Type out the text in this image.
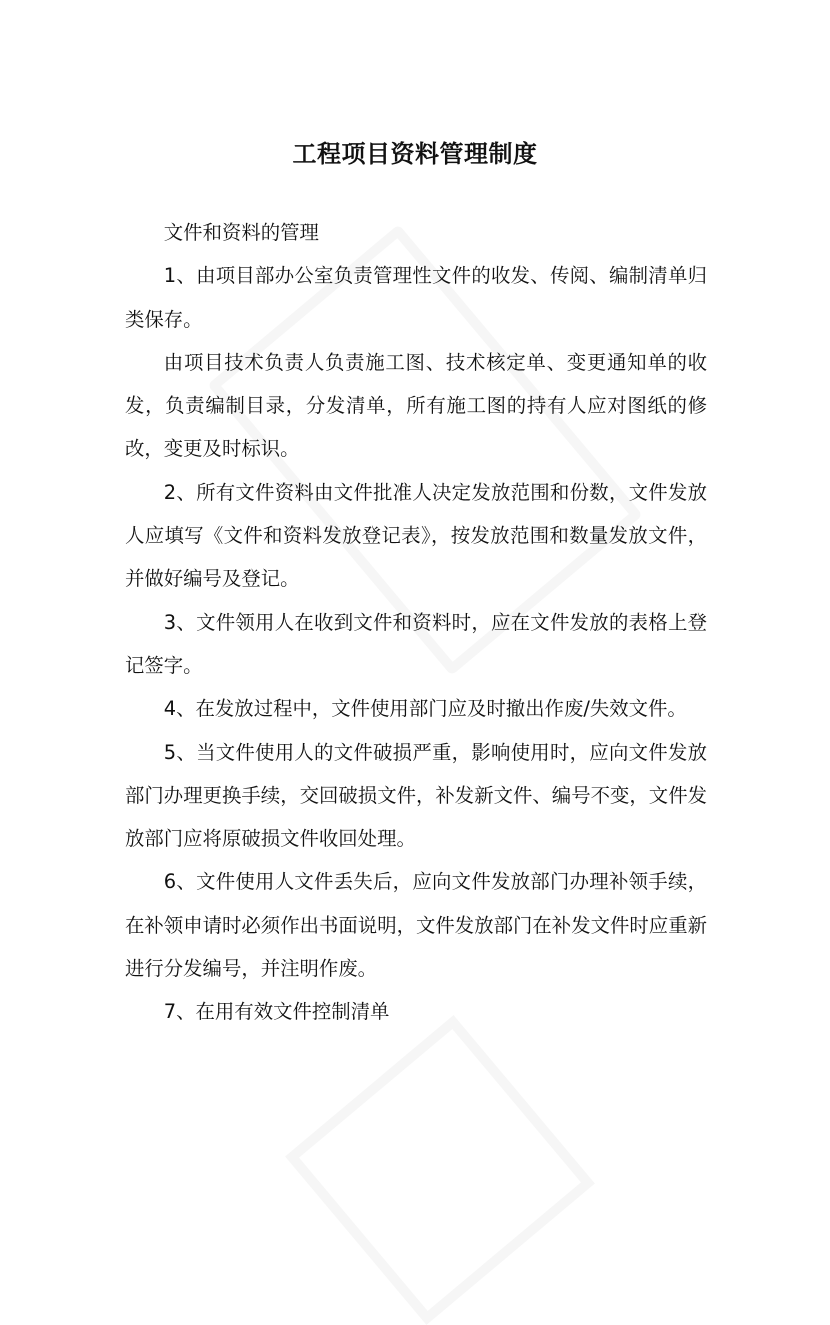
工程项目资料管理制度

文件和资料的管理

1、由项目部办公室负责管理性文件的收发、传阅、编制清单归类保存。

由项目技术负责人负责施工图、技术核定单、变更通知单的收发，负责编制目录，分发清单，所有施工图的持有人应对图纸的修改，变更及时标识。

2、所有文件资料由文件批准人决定发放范围和份数，文件发放人应填写《文件和资料发放登记表》，按发放范围和数量发放文件，并做好编号及登记。

3、文件领用人在收到文件和资料时，应在文件发放的表格上登记签字。

4、在发放过程中，文件使用部门应及时撤出作废/失效文件。

5、当文件使用人的文件破损严重，影响使用时，应向文件发放部门办理更换手续，交回破损文件，补发新文件、编号不变，文件发放部门应将原破损文件收回处理。

6、文件使用人文件丢失后，应向文件发放部门办理补领手续，在补领申请时必须作出书面说明，文件发放部门在补发文件时应重新进行分发编号，并注明作废。

7、在用有效文件控制清单
